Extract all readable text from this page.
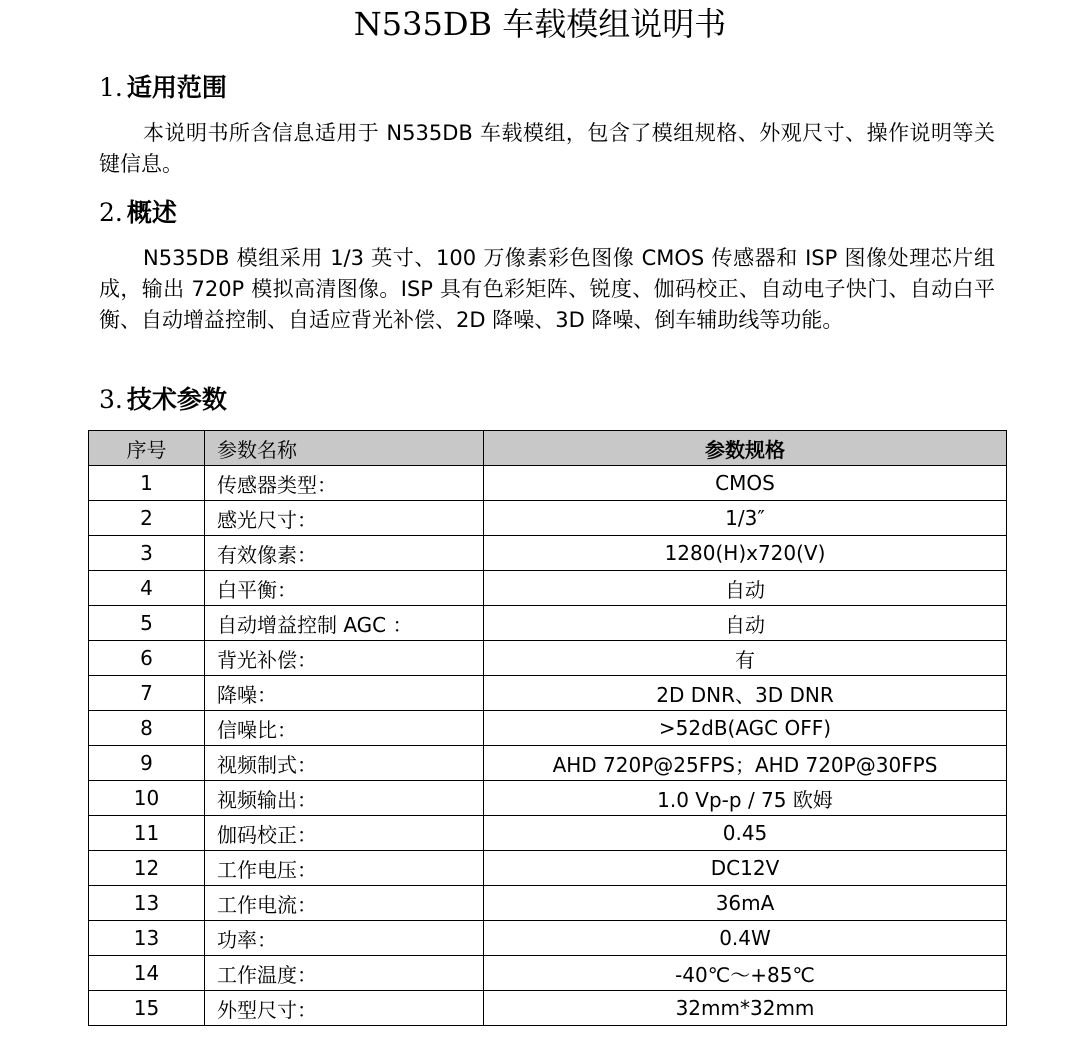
N535DB 车载模组说明书
1. 适用范围
本说明书所含信息适用于 N535DB 车载模组，包含了模组规格、外观尺寸、操作说明等关键信息。
2. 概述
N535DB 模组采用 1/3 英寸、100 万像素彩色图像 CMOS 传感器和 ISP 图像处理芯片组成，输出 720P 模拟高清图像。ISP 具有色彩矩阵、锐度、伽码校正、自动电子快门、自动白平衡、自动增益控制、自适应背光补偿、2D 降噪、3D 降噪、倒车辅助线等功能。
3. 技术参数
序号	参数名称	参数规格
1	传感器类型：	CMOS
2	感光尺寸：	1/3″
3	有效像素：	1280(H)x720(V)
4	白平衡：	自动
5	自动增益控制 AGC ：	自动
6	背光补偿：	有
7	降噪：	2D DNR、3D DNR
8	信噪比：	>52dB(AGC OFF)
9	视频制式：	AHD 720P@25FPS；AHD 720P@30FPS
10	视频输出：	1.0 Vp-p / 75 欧姆
11	伽码校正：	0.45
12	工作电压：	DC12V
13	工作电流：	36mA
13	功率：	0.4W
14	工作温度：	-40℃～+85℃
15	外型尺寸：	32mm*32mm
